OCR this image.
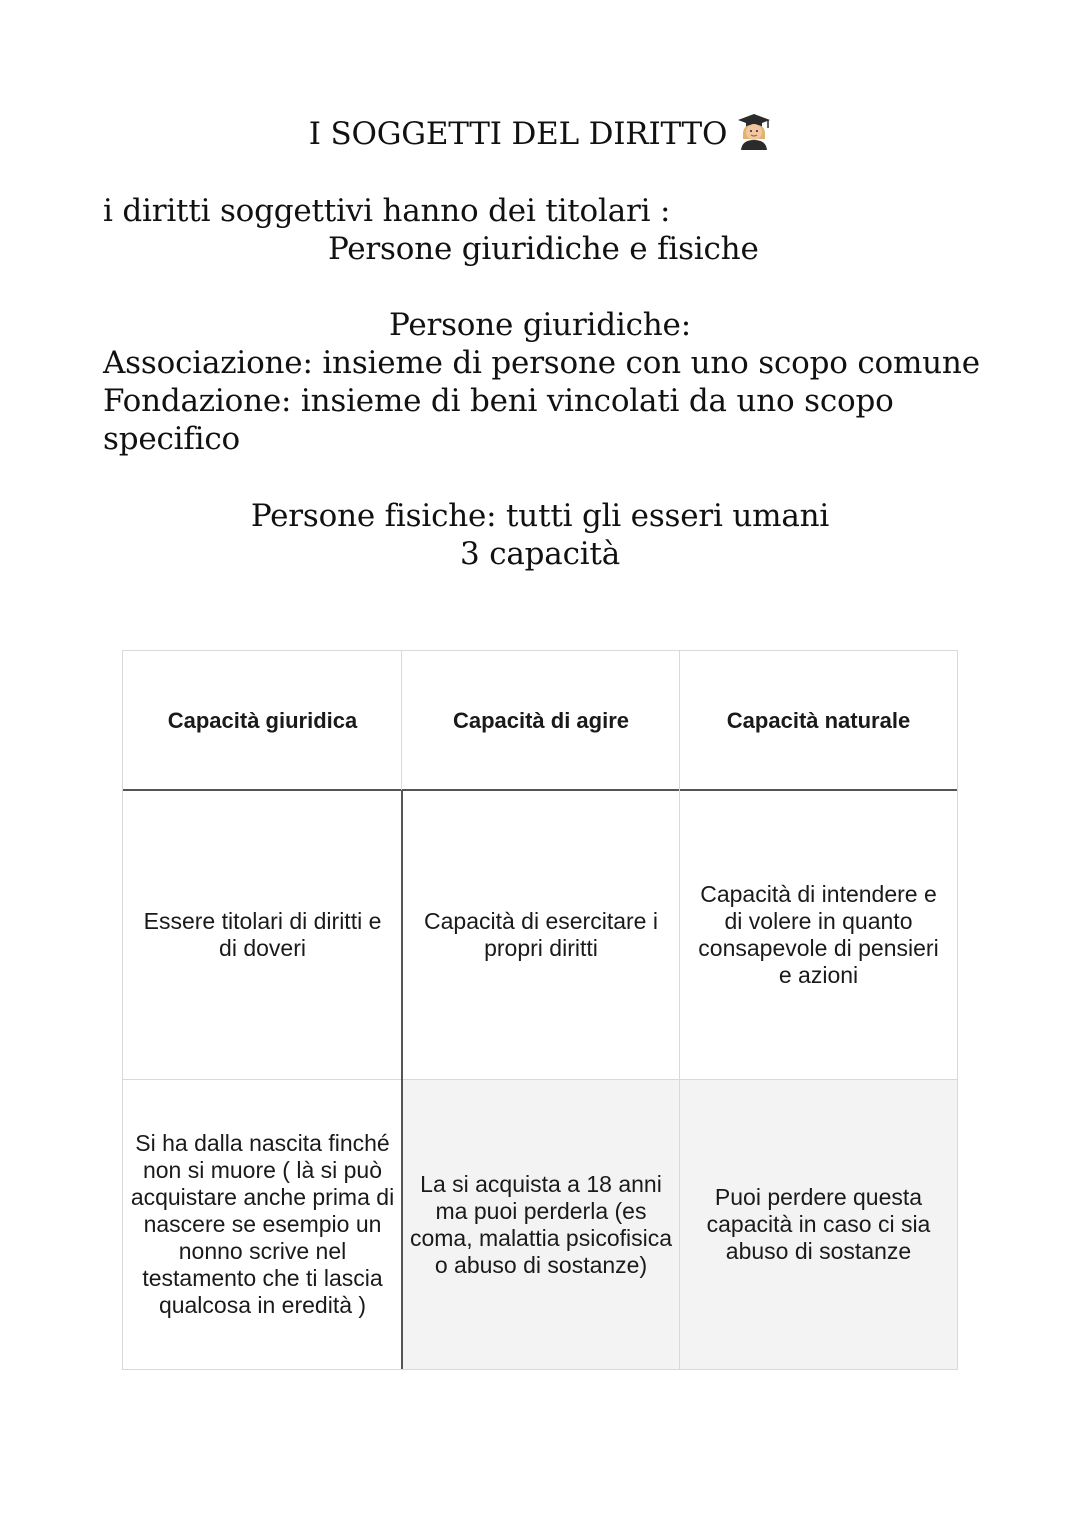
I SOGGETTI DEL DIRITTO
i diritti soggettivi hanno dei titolari :
Persone giuridiche e fisiche
Persone giuridiche:
Associazione: insieme di persone con uno scopo comune
Fondazione: insieme di beni vincolati da uno scopo
specifico
Persone fisiche: tutti gli esseri umani
3 capacità
La si acquista a 18 anni ma puoi perderla (es coma, malattia psicofisica o abuso di sostanze)
Puoi perdere questa capacità in caso ci sia abuso di sostanze
Capacità giuridica	Capacità di agire	Capacità naturale
Essere titolari di diritti e di doveri
Capacità di esercitare i propri diritti
Capacità di intendere e di volere in quanto consapevole di pensieri e azioni
Si ha dalla nascita finché non si muore ( là si può acquistare anche prima di nascere se esempio un nonno scrive nel testamento che ti lascia qualcosa in eredità )
